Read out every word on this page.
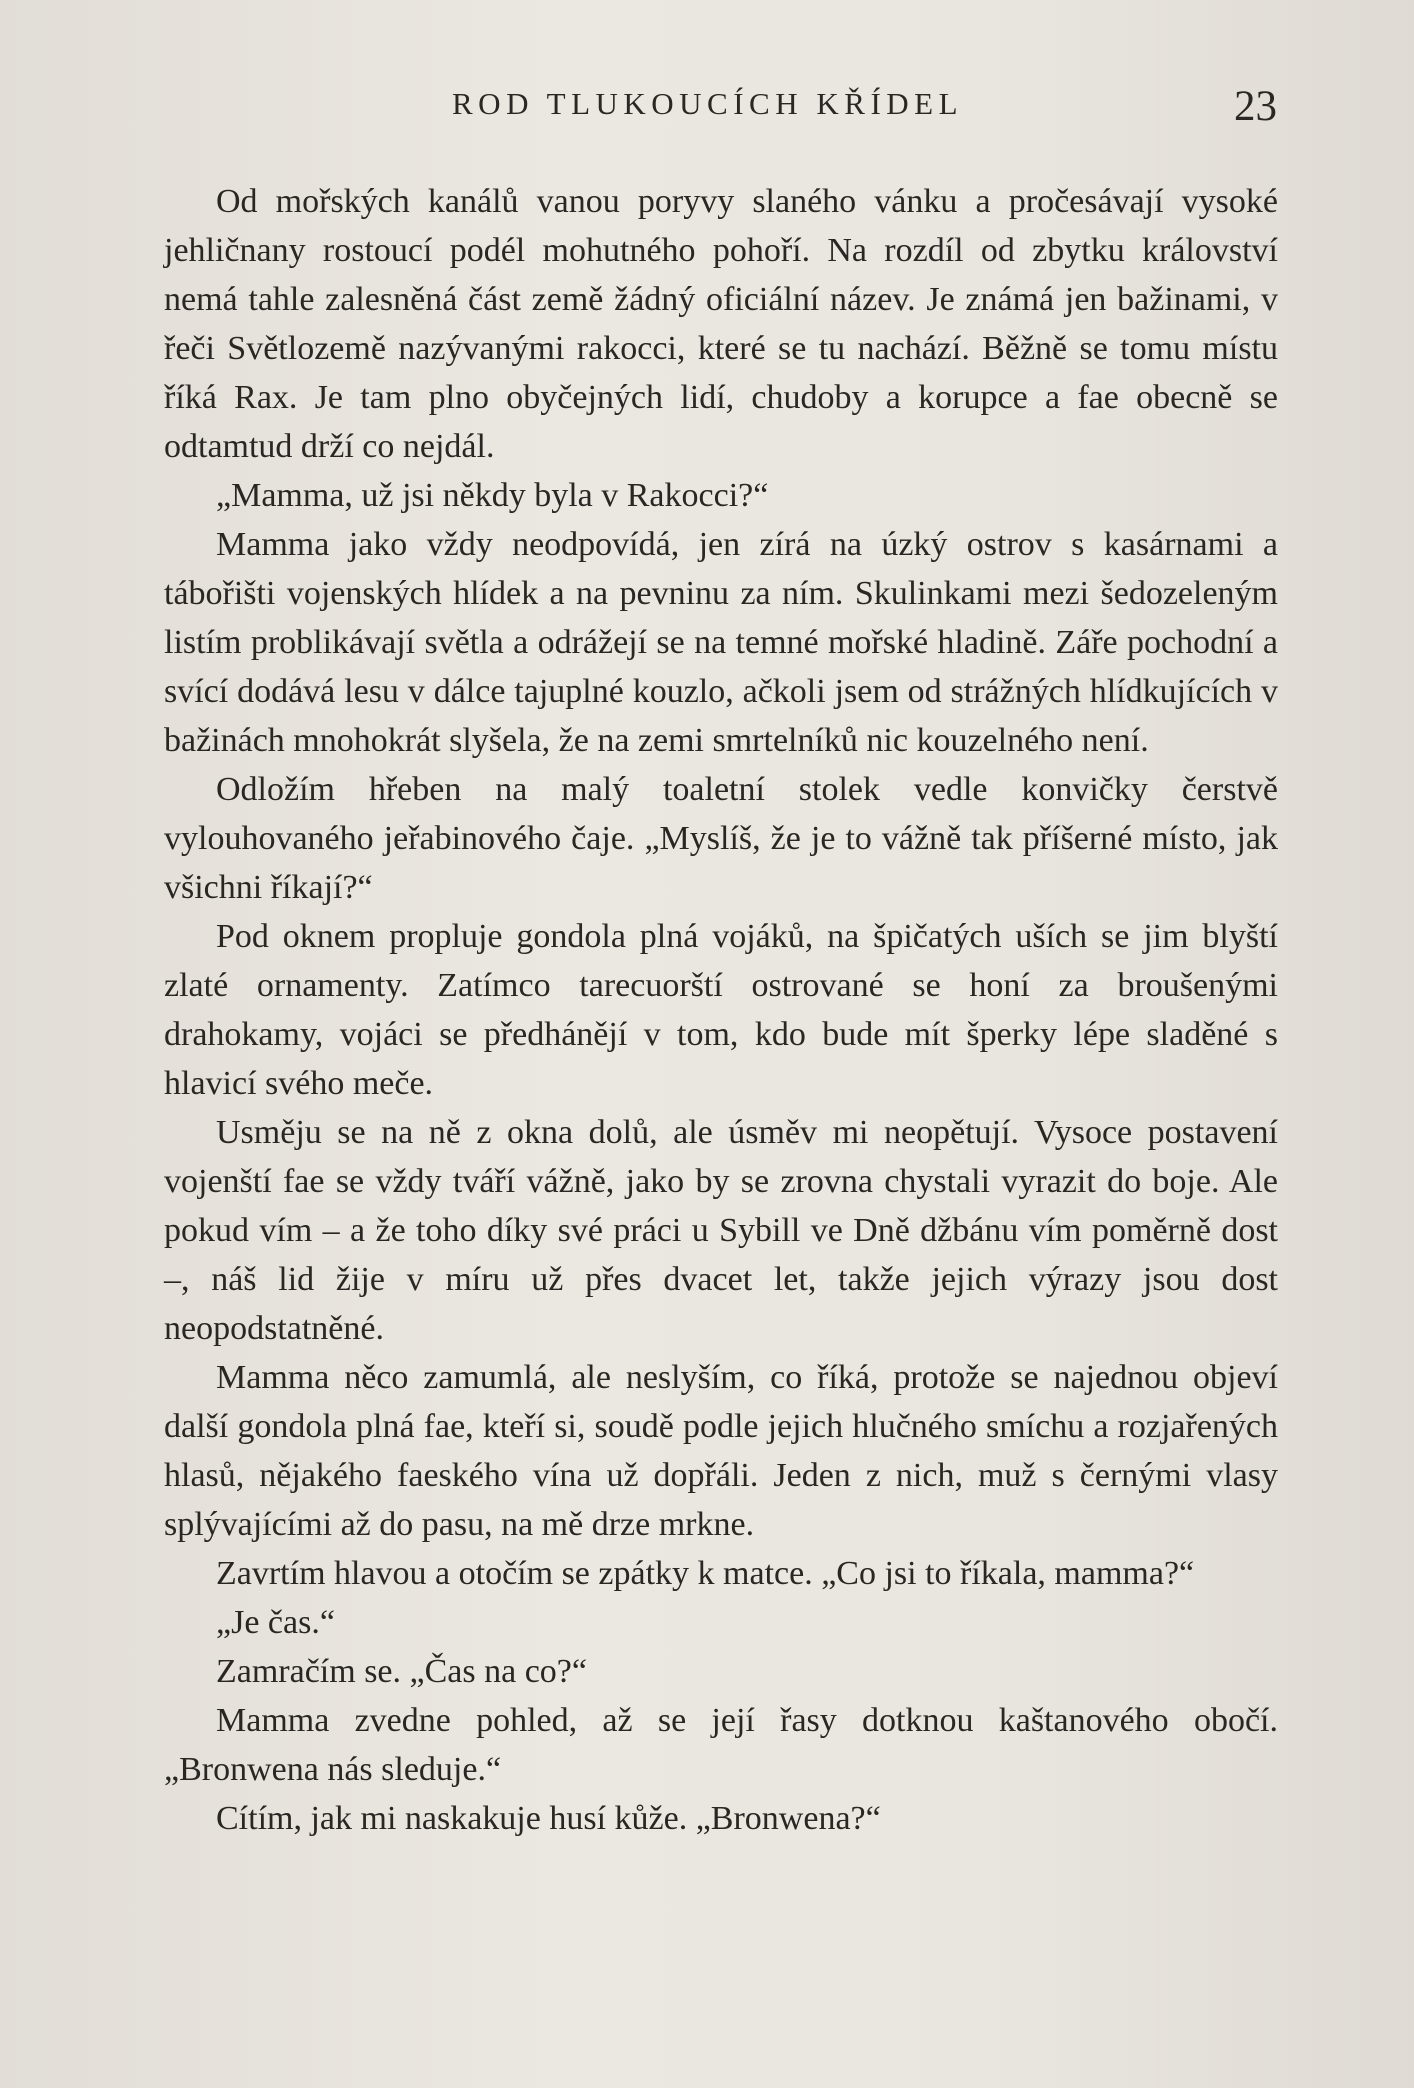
ROD TLUKOUCÍCH KŘÍDEL	23

Od mořských kanálů vanou poryvy slaného vánku a pročesávají vysoké jehličnany rostoucí podél mohutného pohoří. Na rozdíl od zbytku království nemá tahle zalesněná část země žádný oficiální název. Je známá jen bažinami, v řeči Světlozemě nazývanými rakocci, které se tu nachází. Běžně se tomu místu říká Rax. Je tam plno obyčejných lidí, chudoby a korupce a fae obecně se odtamtud drží co nejdál.

„Mamma, už jsi někdy byla v Rakocci?“

Mamma jako vždy neodpovídá, jen zírá na úzký ostrov s kasárnami a tábořišti vojenských hlídek a na pevninu za ním. Skulinkami mezi šedozeleným listím problikávají světla a odrážejí se na temné mořské hladině. Záře pochodní a svící dodává lesu v dálce tajuplné kouzlo, ačkoli jsem od strážných hlídkujících v bažinách mnohokrát slyšela, že na zemi smrtelníků nic kouzelného není.

Odložím hřeben na malý toaletní stolek vedle konvičky čerstvě vylouhovaného jeřabinového čaje. „Myslíš, že je to vážně tak příšerné místo, jak všichni říkají?“

Pod oknem propluje gondola plná vojáků, na špičatých uších se jim blyští zlaté ornamenty. Zatímco tarecuorští ostrované se honí za broušenými drahokamy, vojáci se předhánějí v tom, kdo bude mít šperky lépe sladěné s hlavicí svého meče.

Usměju se na ně z okna dolů, ale úsměv mi neopětují. Vysoce postavení vojenští fae se vždy tváří vážně, jako by se zrovna chystali vyrazit do boje. Ale pokud vím – a že toho díky své práci u Sybill ve Dně džbánu vím poměrně dost –, náš lid žije v míru už přes dvacet let, takže jejich výrazy jsou dost neopodstatněné.

Mamma něco zamumlá, ale neslyším, co říká, protože se najednou objeví další gondola plná fae, kteří si, soudě podle jejich hlučného smíchu a rozjařených hlasů, nějakého faeského vína už dopřáli. Jeden z nich, muž s černými vlasy splývajícími až do pasu, na mě drze mrkne.

Zavrtím hlavou a otočím se zpátky k matce. „Co jsi to říkala, mamma?“

„Je čas.“

Zamračím se. „Čas na co?“

Mamma zvedne pohled, až se její řasy dotknou kaštanového obočí. „Bronwena nás sleduje.“

Cítím, jak mi naskakuje husí kůže. „Bronwena?“
